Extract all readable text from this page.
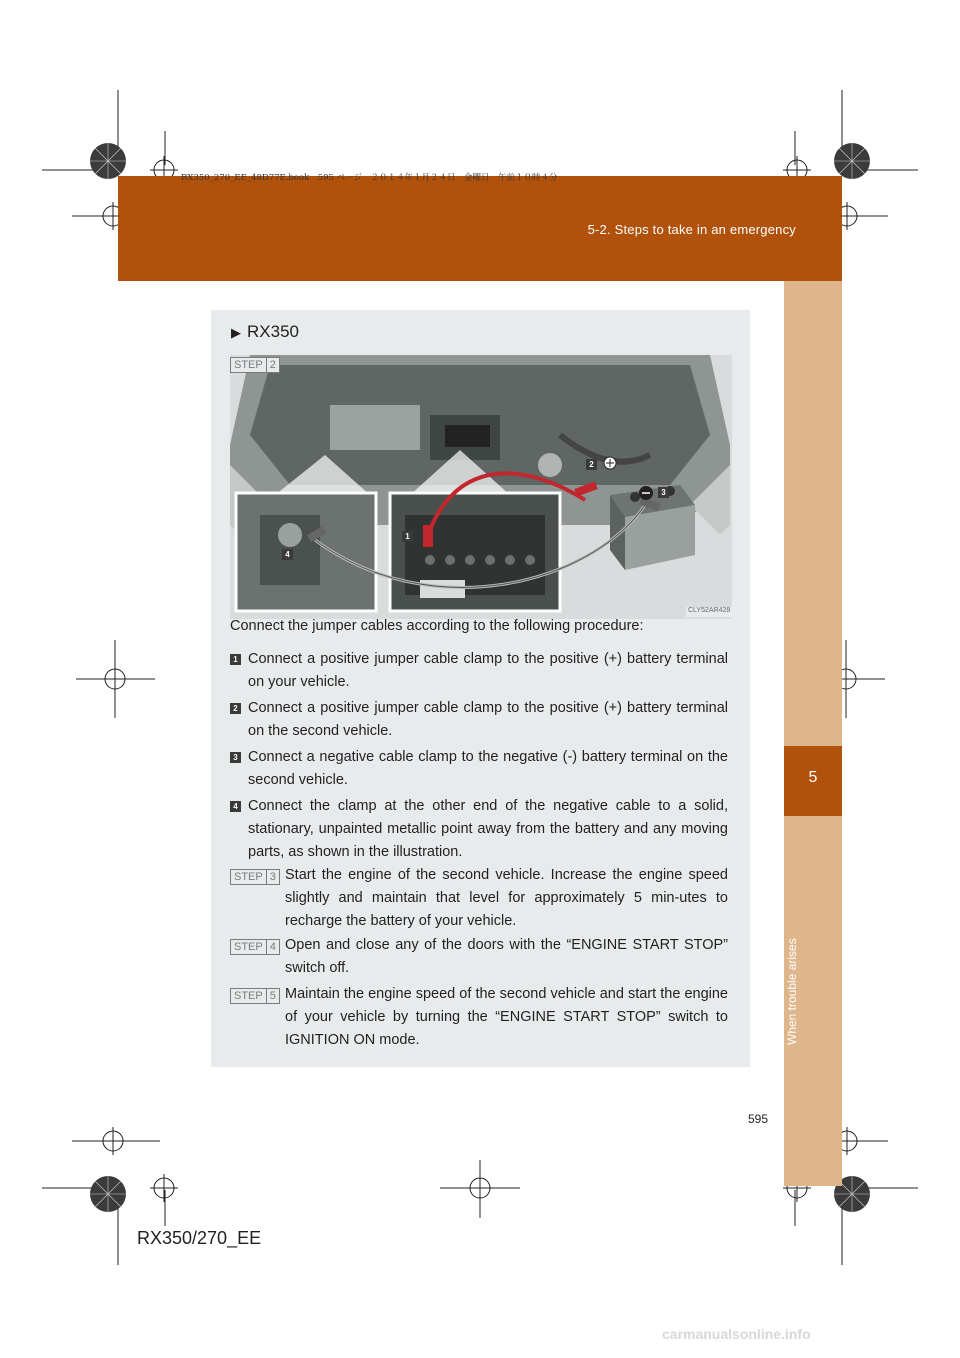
5-2. Steps to take in an emergency
RX350_270_EE_48D77E.book　595 ページ　２０１４年１月２４日　金曜日　午前１０時４分
5
When trouble arises
▶ RX350
STEP 2
CLY52AR428
2
3
1
4
Connect the jumper cables according to the following procedure:
1 Connect a positive jumper cable clamp to the positive (+) battery terminal on your vehicle.
2 Connect a positive jumper cable clamp to the positive (+) battery terminal on the second vehicle.
3 Connect a negative cable clamp to the negative (-) battery terminal on the second vehicle.
4 Connect the clamp at the other end of the negative cable to a solid, stationary, unpainted metallic point away from the battery and any moving parts, as shown in the illustration.
STEP 3 Start the engine of the second vehicle. Increase the engine speed slightly and maintain that level for approximately 5 min-utes to recharge the battery of your vehicle.
STEP 4 Open and close any of the doors with the “ENGINE START STOP” switch off.
STEP 5 Maintain the engine speed of the second vehicle and start the engine of your vehicle by turning the “ENGINE START STOP” switch to IGNITION ON mode.
595
RX350/270_EE
carmanualsonline.info
